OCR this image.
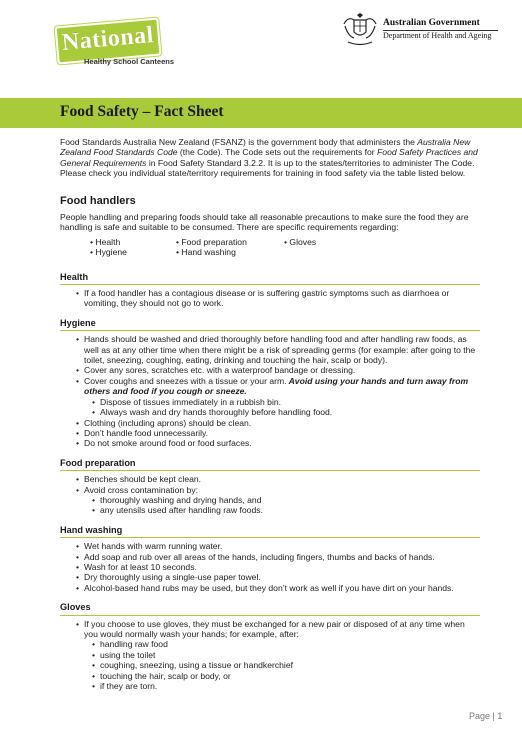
National
Healthy School Canteens
Australian Government
Department of Health and Ageing
Food Safety – Fact Sheet

Food Standards Australia New Zealand (FSANZ) is the government body that administers the Australia New Zealand Food Standards Code (the Code). The Code sets out the requirements for Food Safety Practices and General Requirements in Food Safety Standard 3.2.2. It is up to the states/territories to administer The Code. Please check you individual state/territory requirements for training in food safety via the table listed below.

Food handlers

People handling and preparing foods should take all reasonable precautions to make sure the food they are handling is safe and suitable to be consumed. There are specific requirements regarding:

• Health
• Hygiene
• Food preparation
• Hand washing
• Gloves
Health
• If a food handler has a contagious disease or is suffering gastric symptoms such as diarrhoea or vomiting, they should not go to work.
Hygiene
• Hands should be washed and dried thoroughly before handling food and after handling raw foods, as well as at any other time when there might be a risk of spreading germs (for example: after going to the toilet, sneezing, coughing, eating, drinking and touching the hair, scalp or body).
• Cover any sores, scratches etc. with a waterproof bandage or dressing.
• Cover coughs and sneezes with a tissue or your arm. Avoid using your hands and turn away from others and food if you cough or sneeze.
• Dispose of tissues immediately in a rubbish bin.
• Always wash and dry hands thoroughly before handling food.
• Clothing (including aprons) should be clean.
• Don’t handle food unnecessarily.
• Do not smoke around food or food surfaces.
Food preparation
• Benches should be kept clean.
• Avoid cross contamination by:
• thoroughly washing and drying hands, and
• any utensils used after handling raw foods.
Hand washing
• Wet hands with warm running water.
• Add soap and rub over all areas of the hands, including fingers, thumbs and backs of hands.
• Wash for at least 10 seconds.
• Dry thoroughly using a single-use paper towel.
• Alcohol-based hand rubs may be used, but they don’t work as well if you have dirt on your hands.
Gloves
• If you choose to use gloves, they must be exchanged for a new pair or disposed of at any time when you would normally wash your hands; for example, after:
• handling raw food
• using the toilet
• coughing, sneezing, using a tissue or handkerchief
• touching the hair, scalp or body, or
• if they are torn.
Page | 1
